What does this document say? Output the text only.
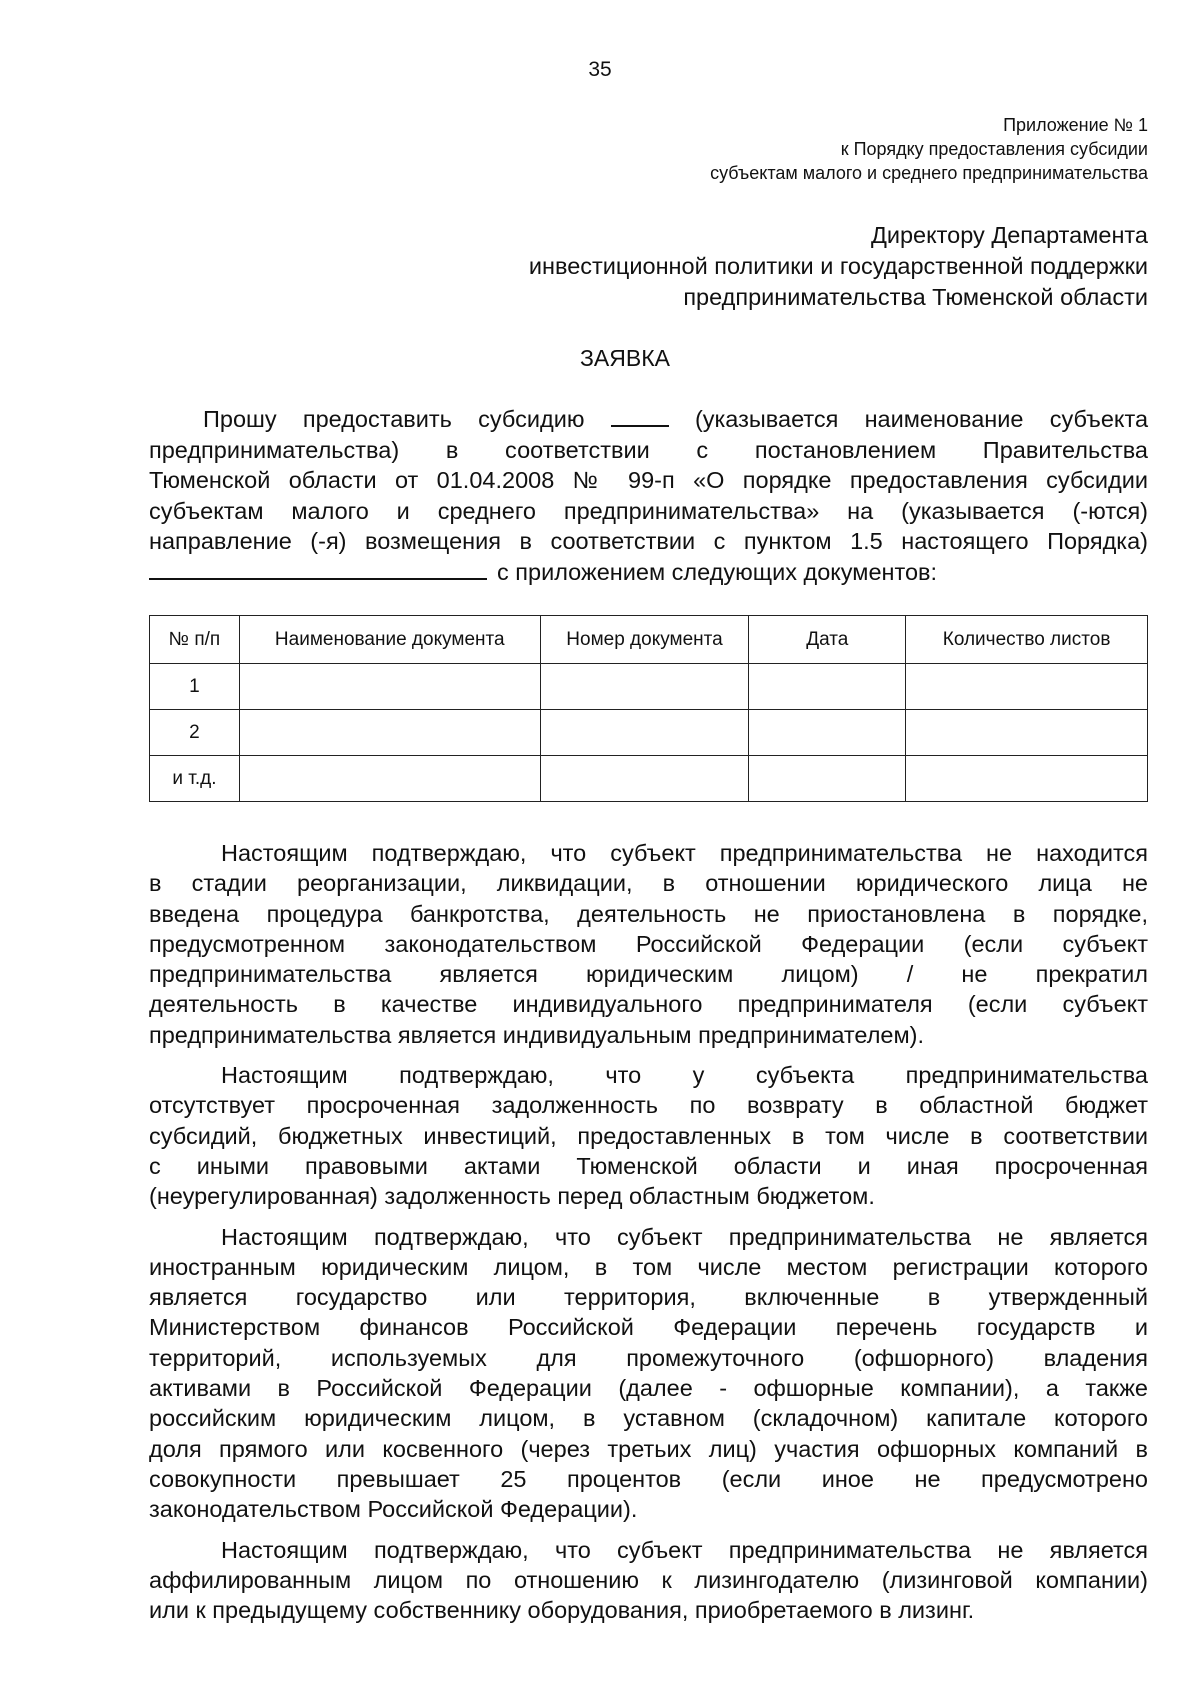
35
Приложение № 1
к Порядку предоставления субсидии
субъектам малого и среднего предпринимательства
Директору Департамента
инвестиционной политики и государственной поддержки
предпринимательства Тюменской области
ЗАЯВКА
Прошу предоставить субсидию	(указывается наименование субъекта
предпринимательства) в соответствии с постановлением Правительства
Тюменской области от 01.04.2008 № 99-п «О порядке предоставления субсидии
субъектам малого и среднего предпринимательства» на (указывается (-ются)
направление (-я) возмещения в соответствии с пунктом 1.5 настоящего Порядка)
с приложением следующих документов:
№ п/п	Наименование документа	Номер документа	Дата	Количество листов
1				
2				
и т.д.				
Настоящим подтверждаю, что субъект предпринимательства не находится
в стадии реорганизации, ликвидации, в отношении юридического лица не
введена процедура банкротства, деятельность не приостановлена в порядке,
предусмотренном законодательством Российской Федерации (если субъект
предпринимательства является юридическим лицом) / не прекратил
деятельность в качестве индивидуального предпринимателя (если субъект
предпринимательства является индивидуальным предпринимателем).
Настоящим подтверждаю, что у субъекта предпринимательства
отсутствует просроченная задолженность по возврату в областной бюджет
субсидий, бюджетных инвестиций, предоставленных в том числе в соответствии
с иными правовыми актами Тюменской области и иная просроченная
(неурегулированная) задолженность перед областным бюджетом.
Настоящим подтверждаю, что субъект предпринимательства не является
иностранным юридическим лицом, в том числе местом регистрации которого
является государство или территория, включенные в утвержденный
Министерством финансов Российской Федерации перечень государств и
территорий, используемых для промежуточного (офшорного) владения
активами в Российской Федерации (далее - офшорные компании), а также
российским юридическим лицом, в уставном (складочном) капитале которого
доля прямого или косвенного (через третьих лиц) участия офшорных компаний в
совокупности превышает 25 процентов (если иное не предусмотрено
законодательством Российской Федерации).
Настоящим подтверждаю, что субъект предпринимательства не является
аффилированным лицом по отношению к лизингодателю (лизинговой компании)
или к предыдущему собственнику оборудования, приобретаемого в лизинг.
